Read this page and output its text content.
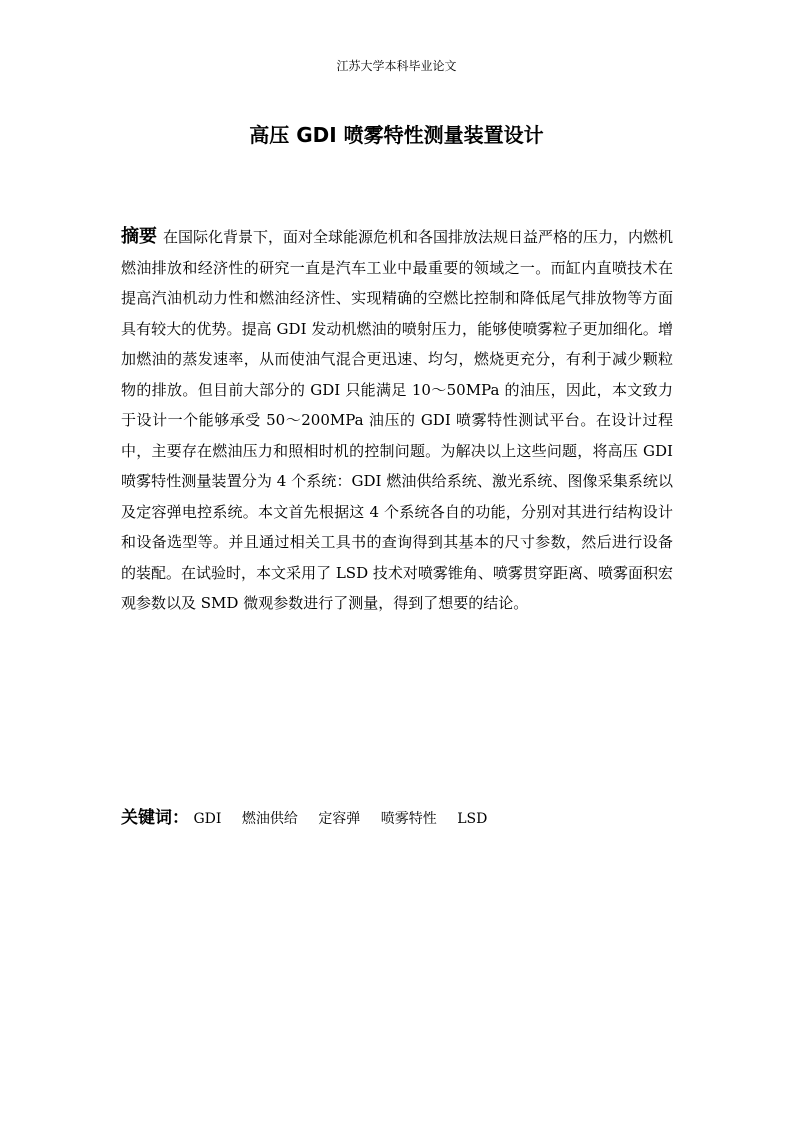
江苏大学本科毕业论文
高压 GDI 喷雾特性测量装置设计

摘要 在国际化背景下，面对全球能源危机和各国排放法规日益严格的压力，内燃机燃油排放和经济性的研究一直是汽车工业中最重要的领域之一。而缸内直喷技术在提高汽油机动力性和燃油经济性、实现精确的空燃比控制和降低尾气排放物等方面具有较大的优势。提高 GDI 发动机燃油的喷射压力，能够使喷雾粒子更加细化。增加燃油的蒸发速率，从而使油气混合更迅速、均匀，燃烧更充分，有利于减少颗粒物的排放。但目前大部分的 GDI 只能满足 10～50MPa 的油压，因此，本文致力于设计一个能够承受 50～200MPa 油压的 GDI 喷雾特性测试平台。在设计过程中，主要存在燃油压力和照相时机的控制问题。为解决以上这些问题，将高压 GDI 喷雾特性测量装置分为 4 个系统：GDI 燃油供给系统、激光系统、图像采集系统以及定容弹电控系统。本文首先根据这 4 个系统各自的功能，分别对其进行结构设计和设备选型等。并且通过相关工具书的查询得到其基本的尺寸参数，然后进行设备的装配。在试验时，本文采用了 LSD 技术对喷雾锥角、喷雾贯穿距离、喷雾面积宏观参数以及 SMD 微观参数进行了测量，得到了想要的结论。

关键词： GDI 燃油供给 定容弹 喷雾特性 LSD
